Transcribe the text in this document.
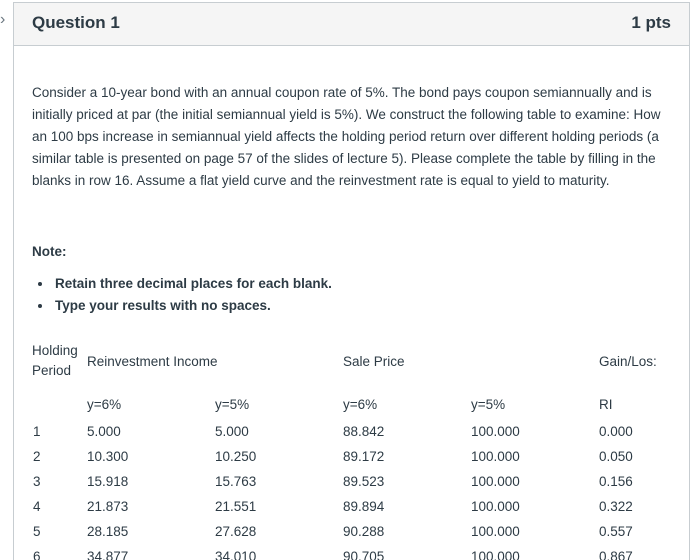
› Question 1	1 pts

Consider a 10-year bond with an annual coupon rate of 5%. The bond pays coupon semiannually and is initially priced at par (the initial semiannual yield is 5%). We construct the following table to examine: How an 100 bps increase in semiannual yield affects the holding period return over different holding periods (a similar table is presented on page 57 of the slides of lecture 5). Please complete the table by filling in the blanks in row 16. Assume a flat yield curve and the reinvestment rate is equal to yield to maturity.

Note:
• Retain three decimal places for each blank.
• Type your results with no spaces.
Holding
Period	Reinvestment Income		Sale Price		Gain/Los:
	y=6%	y=5%	y=6%	y=5%	RI
1	5.000	5.000	88.842	100.000	0.000
2	10.300	10.250	89.172	100.000	0.050
3	15.918	15.763	89.523	100.000	0.156
4	21.873	21.551	89.894	100.000	0.322
5	28.185	27.628	90.288	100.000	0.557
6	34.877	34.010	90.705	100.000	0.867
